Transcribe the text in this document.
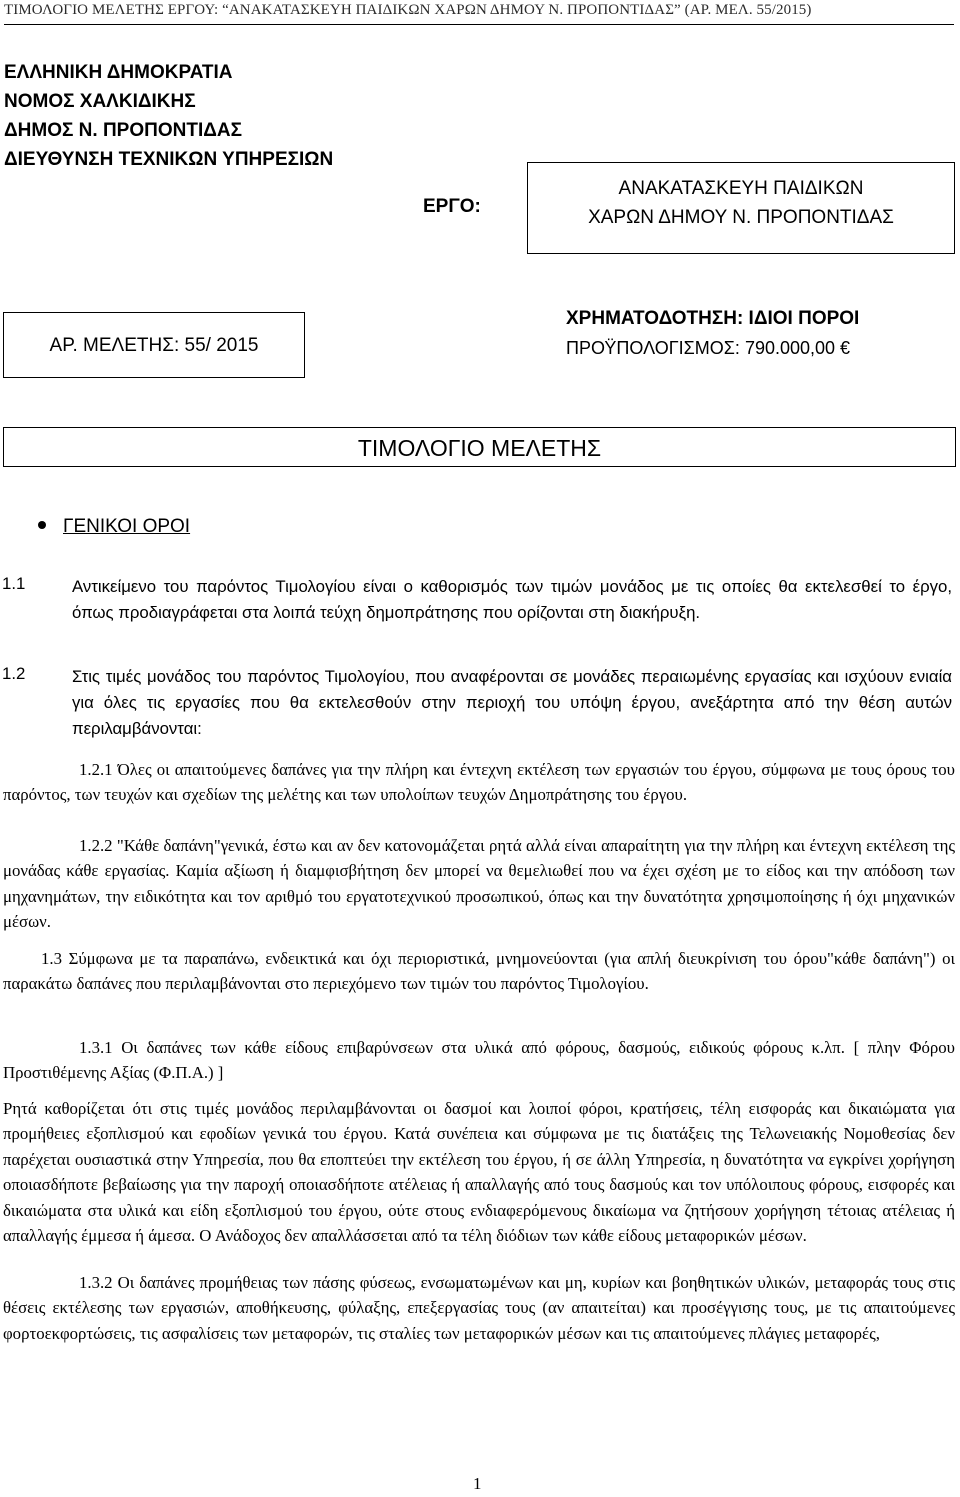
ΤΙΜΟΛΟΓΙΟ ΜΕΛΕΤΗΣ ΕΡΓΟΥ: “ΑΝΑΚΑΤΑΣΚΕΥΗ ΠΑΙΔΙΚΩΝ ΧΑΡΩΝ ΔΗΜΟΥ Ν. ΠΡΟΠΟΝΤΙΔΑΣ” (ΑΡ. ΜΕΛ. 55/2015)
ΕΛΛΗΝΙΚΗ ΔΗΜΟΚΡΑΤΙΑ
ΝΟΜΟΣ ΧΑΛΚΙΔΙΚΗΣ
ΔΗΜΟΣ Ν. ΠΡΟΠΟΝΤΙΔΑΣ
ΔΙΕΥΘΥΝΣΗ ΤΕΧΝΙΚΩΝ ΥΠΗΡΕΣΙΩΝ
ΕΡΓΟ:
ΑΝΑΚΑΤΑΣΚΕΥΗ ΠΑΙΔΙΚΩΝ
ΧΑΡΩΝ ΔΗΜΟΥ Ν. ΠΡΟΠΟΝΤΙΔΑΣ
ΑΡ. ΜΕΛΕΤΗΣ: 55/ 2015
ΧΡΗΜΑΤΟΔΟΤΗΣΗ: ΙΔΙΟΙ ΠΟΡΟΙ
ΠΡΟΫΠΟΛΟΓΙΣΜΟΣ: 790.000,00 €
ΤΙΜΟΛΟΓΙΟ ΜΕΛΕΤΗΣ
ΓΕΝΙΚΟΙ ΟΡΟΙ
1.1	Αντικείμενο του παρόντος Τιμολογίου είναι ο καθορισμός των τιμών μονάδος με τις οποίες θα εκτελεσθεί το έργο, όπως προδιαγράφεται στα λοιπά τεύχη δημοπράτησης που ορίζονται στη διακήρυξη.
1.2	Στις τιμές μονάδος του παρόντος Τιμολογίου, που αναφέρονται σε μονάδες περαιωμένης εργασίας και ισχύουν ενιαία για όλες τις εργασίες που θα εκτελεσθούν στην περιοχή του υπόψη έργου, ανεξάρτητα από την θέση αυτών περιλαμβάνονται:
1.2.1 Όλες οι απαιτούμενες δαπάνες για την πλήρη και έντεχνη εκτέλεση των εργασιών του έργου, σύμφωνα με τους όρους του παρόντος, των τευχών και σχεδίων της μελέτης και των υπολοίπων τευχών Δημοπράτησης του έργου.
1.2.2 "Κάθε δαπάνη"γενικά, έστω και αν δεν κατονομάζεται ρητά αλλά είναι απαραίτητη για την πλήρη και έντεχνη εκτέλεση της μονάδας κάθε εργασίας. Καμία αξίωση ή διαμφισβήτηση δεν μπορεί να θεμελιωθεί που να έχει σχέση με το είδος και την απόδοση των μηχανημάτων, την ειδικότητα και τον αριθμό του εργατοτεχνικού προσωπικού, όπως και την δυνατότητα χρησιμοποίησης ή όχι μηχανικών μέσων.
1.3 Σύμφωνα με τα παραπάνω, ενδεικτικά και όχι περιοριστικά, μνημονεύονται (για απλή διευκρίνιση του όρου"κάθε δαπάνη") οι παρακάτω δαπάνες που περιλαμβάνονται στο περιεχόμενο των τιμών του παρόντος Τιμολογίου.
1.3.1 Οι δαπάνες των κάθε είδους επιβαρύνσεων στα υλικά από φόρους, δασμούς, ειδικούς φόρους κ.λπ. [ πλην Φόρου Προστιθέμενης Αξίας (Φ.Π.Α.) ]
Ρητά καθορίζεται ότι στις τιμές μονάδος περιλαμβάνονται οι δασμοί και λοιποί φόροι, κρατήσεις, τέλη εισφοράς και δικαιώματα για προμήθειες εξοπλισμού και εφοδίων γενικά του έργου. Κατά συνέπεια και σύμφωνα με τις διατάξεις της Τελωνειακής Νομοθεσίας δεν παρέχεται ουσιαστικά στην Υπηρεσία, που θα εποπτεύει την εκτέλεση του έργου, ή σε άλλη Υπηρεσία, η δυνατότητα να εγκρίνει χορήγηση οποιασδήποτε βεβαίωσης για την παροχή οποιασδήποτε ατέλειας ή απαλλαγής από τους δασμούς και τον υπόλοιπους φόρους, εισφορές και δικαιώματα στα υλικά και είδη εξοπλισμού του έργου, ούτε στους ενδιαφερόμενους δικαίωμα να ζητήσουν χορήγηση τέτοιας ατέλειας ή απαλλαγής έμμεσα ή άμεσα. Ο Ανάδοχος δεν απαλλάσσεται από τα τέλη διόδιων των κάθε είδους μεταφορικών μέσων.
1.3.2 Οι δαπάνες προμήθειας των πάσης φύσεως, ενσωματωμένων και μη, κυρίων και βοηθητικών υλικών, μεταφοράς τους στις θέσεις εκτέλεσης των εργασιών, αποθήκευσης, φύλαξης, επεξεργασίας τους (αν απαιτείται) και προσέγγισης τους, με τις απαιτούμενες φορτοεκφορτώσεις, τις ασφαλίσεις των μεταφορών, τις σταλίες των μεταφορικών μέσων και τις απαιτούμενες πλάγιες μεταφορές,
1
